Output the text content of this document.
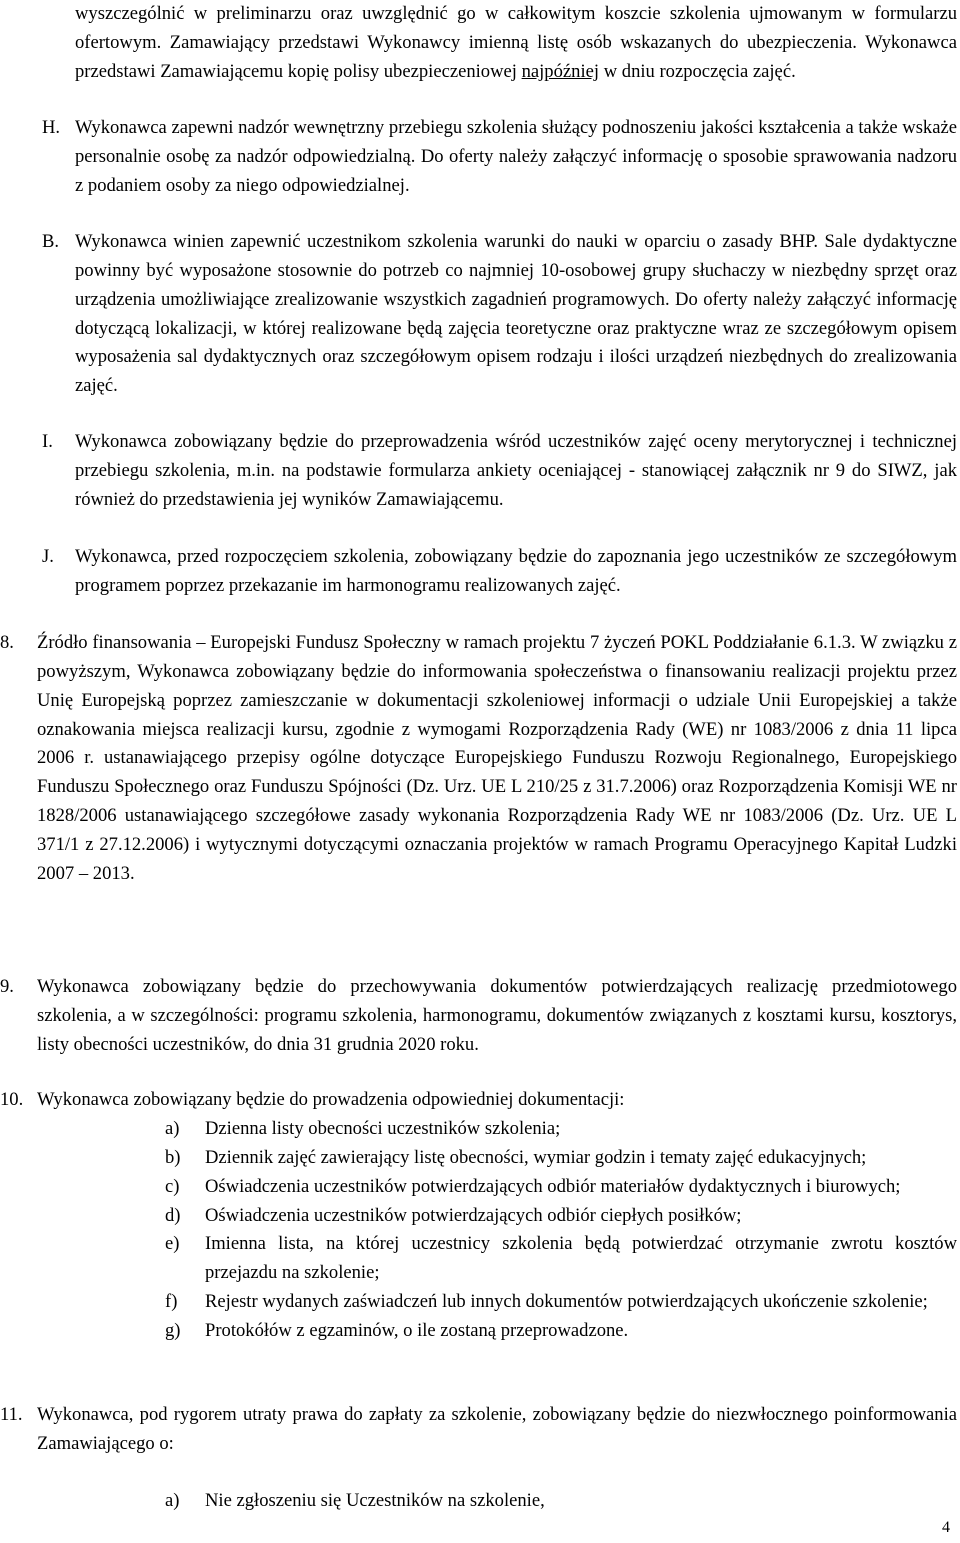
wyszczególnić w preliminarzu oraz uwzględnić go w całkowitym koszcie szkolenia ujmowanym w formularzu ofertowym. Zamawiający przedstawi Wykonawcy imienną listę osób wskazanych do ubezpieczenia. Wykonawca przedstawi Zamawiającemu kopię polisy ubezpieczeniowej najpóźniej w dniu rozpoczęcia zajęć.

H. Wykonawca zapewni nadzór wewnętrzny przebiegu szkolenia służący podnoszeniu jakości kształcenia a także wskaże personalnie osobę za nadzór odpowiedzialną. Do oferty należy załączyć informację o sposobie sprawowania nadzoru z podaniem osoby za niego odpowiedzialnej.
B. Wykonawca winien zapewnić uczestnikom szkolenia warunki do nauki w oparciu o zasady BHP. Sale dydaktyczne powinny być wyposażone stosownie do potrzeb co najmniej 10-osobowej grupy słuchaczy w niezbędny sprzęt oraz urządzenia umożliwiające zrealizowanie wszystkich zagadnień programowych. Do oferty należy załączyć informację dotyczącą lokalizacji, w której realizowane będą zajęcia teoretyczne oraz praktyczne wraz ze szczegółowym opisem wyposażenia sal dydaktycznych oraz szczegółowym opisem rodzaju i ilości urządzeń niezbędnych do zrealizowania zajęć.
I.	Wykonawca zobowiązany będzie do przeprowadzenia wśród uczestników zajęć oceny merytorycznej i technicznej przebiegu szkolenia, m.in. na podstawie formularza ankiety oceniającej - stanowiącej załącznik nr 9 do SIWZ, jak również do przedstawienia jej wyników Zamawiającemu.
J.	Wykonawca, przed rozpoczęciem szkolenia, zobowiązany będzie do zapoznania jego uczestników ze szczegółowym programem poprzez przekazanie im harmonogramu realizowanych zajęć.
8.	Źródło finansowania – Europejski Fundusz Społeczny w ramach projektu 7 życzeń POKL Poddziałanie 6.1.3. W związku z powyższym, Wykonawca zobowiązany będzie do informowania społeczeństwa o finansowaniu realizacji projektu przez Unię Europejską poprzez zamieszczanie w dokumentacji szkoleniowej informacji o udziale Unii Europejskiej a także oznakowania miejsca realizacji kursu, zgodnie z wymogami Rozporządzenia Rady (WE) nr 1083/2006 z dnia 11 lipca 2006 r. ustanawiającego przepisy ogólne dotyczące Europejskiego Funduszu Rozwoju Regionalnego, Europejskiego Funduszu Społecznego oraz Funduszu Spójności (Dz. Urz. UE L 210/25 z 31.7.2006) oraz Rozporządzenia Komisji WE nr 1828/2006 ustanawiającego szczegółowe zasady wykonania Rozporządzenia Rady WE nr 1083/2006 (Dz. Urz. UE L 371/1 z 27.12.2006) i wytycznymi dotyczącymi oznaczania projektów w ramach Programu Operacyjnego Kapitał Ludzki 2007 – 2013.
9.	Wykonawca zobowiązany będzie do przechowywania dokumentów potwierdzających realizację przedmiotowego szkolenia, a w szczególności: programu szkolenia, harmonogramu, dokumentów związanych z kosztami kursu, kosztorys, listy obecności uczestników, do dnia 31 grudnia 2020 roku.
10. Wykonawca zobowiązany będzie do prowadzenia odpowiedniej dokumentacji:
a)	Dzienna listy obecności uczestników szkolenia;
b)	Dziennik zajęć zawierający listę obecności, wymiar godzin i tematy zajęć edukacyjnych;
c)	Oświadczenia uczestników potwierdzających odbiór materiałów dydaktycznych i biurowych;
d)	Oświadczenia uczestników potwierdzających odbiór ciepłych posiłków;
e)	Imienna lista, na której uczestnicy szkolenia będą potwierdzać otrzymanie zwrotu kosztów przejazdu na szkolenie;
f)	Rejestr wydanych zaświadczeń lub innych dokumentów potwierdzających ukończenie szkolenie;
g)	Protokółów z egzaminów, o ile zostaną przeprowadzone.
11. Wykonawca, pod rygorem utraty prawa do zapłaty za szkolenie, zobowiązany będzie do niezwłocznego poinformowania Zamawiającego o:
a)	Nie zgłoszeniu się Uczestników na szkolenie,
4
